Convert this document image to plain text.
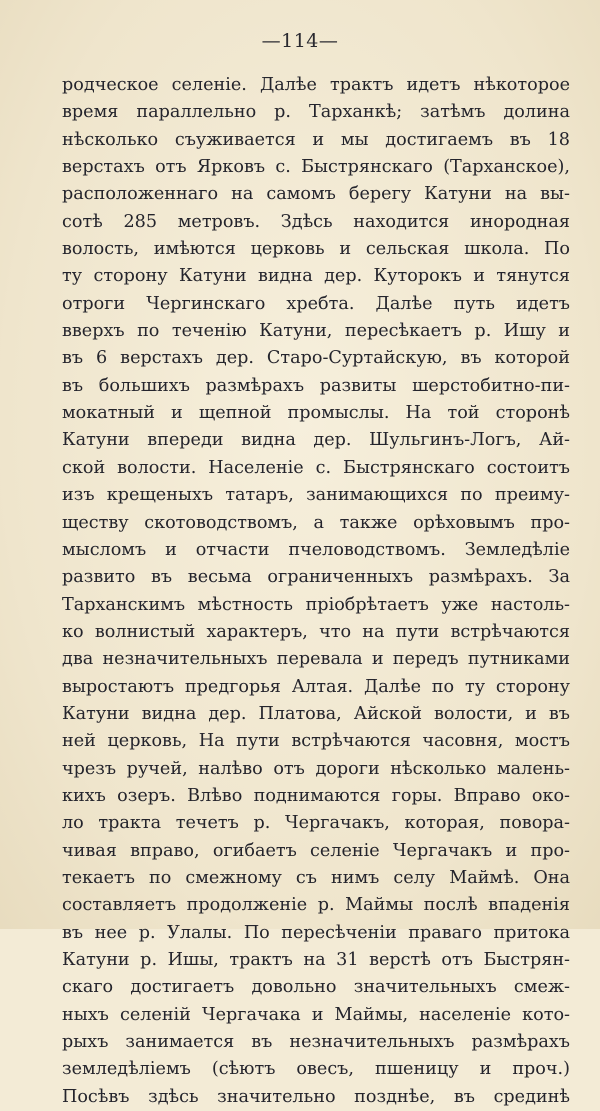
—114—
родческое селеніе. Далѣе трактъ идетъ нѣкоторое
время параллельно р. Тарханкѣ; затѣмъ долина
нѣсколько съуживается и мы достигаемъ въ 18
верстахъ отъ Ярковъ с. Быстрянскаго (Тарханское),
расположеннаго на самомъ берегу Катуни на вы-
сотѣ 285 метровъ. Здѣсь находится инородная
волость, имѣются церковь и сельская школа. По
ту сторону Катуни видна дер. Куторокъ и тянутся
отроги Чергинскаго хребта. Далѣе путь идетъ
вверхъ по теченію Катуни, пересѣкаетъ р. Ишу и
въ 6 верстахъ дер. Старо-Суртайскую, въ которой
въ большихъ размѣрахъ развиты шерстобитно-пи-
мокатный и щепной промыслы. На той сторонѣ
Катуни впереди видна дер. Шульгинъ-Логъ, Ай-
ской волости. Населеніе с. Быстрянскаго состоитъ
изъ крещеныхъ татаръ, занимающихся по преиму-
ществу скотоводствомъ, а также орѣховымъ про-
мысломъ и отчасти пчеловодствомъ. Земледѣліе
развито въ весьма ограниченныхъ размѣрахъ. За
Тарханскимъ мѣстность пріобрѣтаетъ уже настоль-
ко волнистый характеръ, что на пути встрѣчаются
два незначительныхъ перевала и передъ путниками
выростаютъ предгорья Алтая. Далѣе по ту сторону
Катуни видна дер. Платова, Айской волости, и въ
ней церковь, На пути встрѣчаются часовня, мостъ
чрезъ ручей, налѣво отъ дороги нѣсколько малень-
кихъ озеръ. Влѣво поднимаются горы. Вправо око-
ло тракта течетъ р. Чергачакъ, которая, повора-
чивая вправо, огибаетъ селеніе Чергачакъ и про-
текаетъ по смежному съ нимъ селу Маймѣ. Она
составляетъ продолженіе р. Маймы послѣ впаденія
въ нее р. Улалы. По пересѣченіи праваго притока
Катуни р. Ишы, трактъ на 31 верстѣ отъ Быстрян-
скаго достигаетъ довольно значительныхъ смеж-
ныхъ селеній Чергачака и Маймы, населеніе кото-
рыхъ занимается въ незначительныхъ размѣрахъ
земледѣліемъ (сѣютъ овесъ, пшеницу и проч.)
Посѣвъ здѣсь значительно позднѣе, въ срединѣ
